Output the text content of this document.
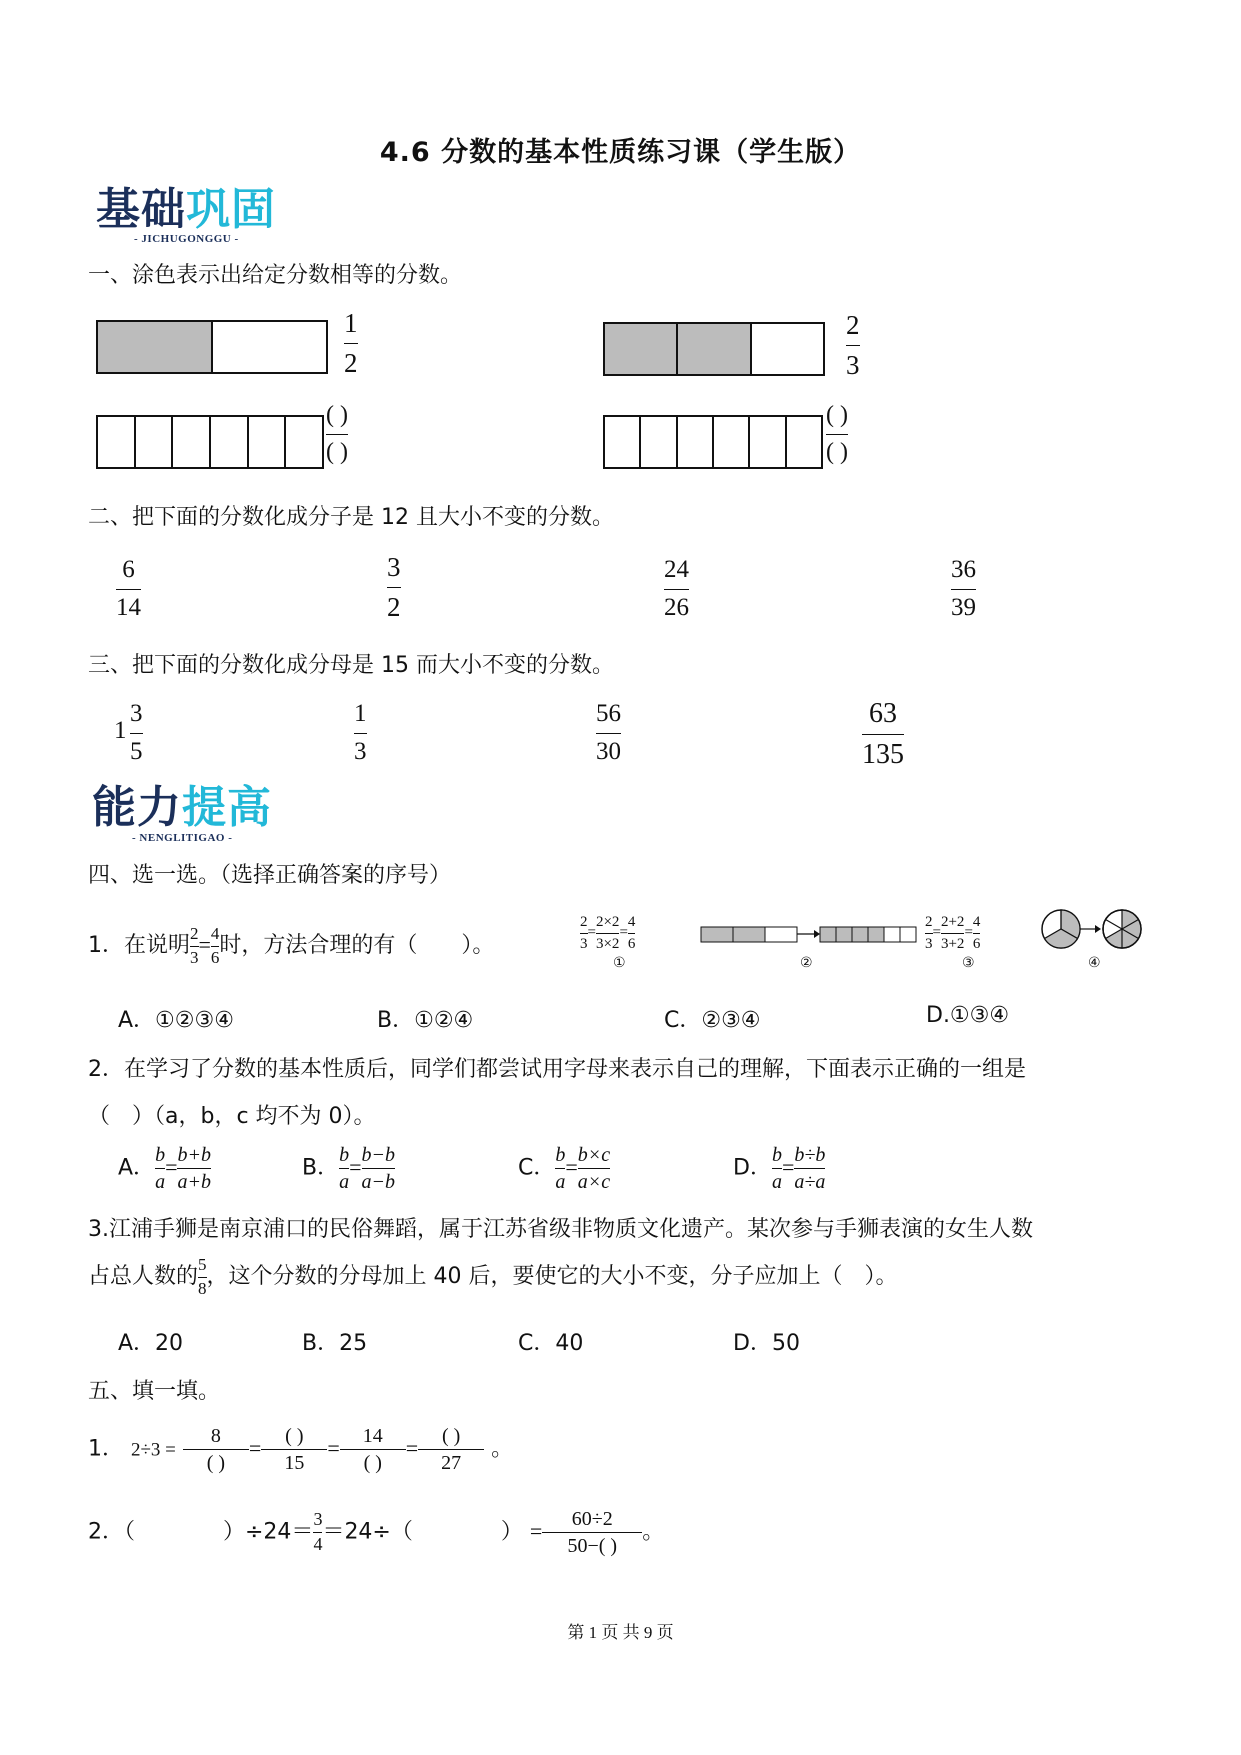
4.6 分数的基本性质练习课（学生版）
基础巩固
- JICHUGONGGU -
一、涂色表示出给定分数相等的分数。
1
2
( )
( )
2
3
( )
( )
二、把下面的分数化成分子是 12 且大小不变的分数。
6
14
3
2
24
26
36
39
三、把下面的分数化成分母是 15 而大小不变的分数。
1
3
5
1
3
56
30
63
135
能力提高
- NENGLITIGAO -
四、选一选。（选择正确答案的序号）
1．在说明 $\frac{2}{3} = \frac{4}{6}$ 时，方法合理的有（　　）。	$\frac{2}{3} = \frac{2\times 2}{3\times 2} = \frac{4}{6}$
①	②
$\frac{2}{3} = \frac{2+2}{3+2} = \frac{4}{6}$
③	④
A．①②③④	B．①②④	C．②③④	D.①③④
2．在学习了分数的基本性质后，同学们都尝试用字母来表示自己的理解，下面表示正确的一组是
（　）（a，b，c 均不为 0）。
A． $\frac{b}{a} = \frac{b+b}{a+b}$	B． $\frac{b}{a} = \frac{b-b}{a-b}$	C． $\frac{b}{a} = \frac{b\times c}{a\times c}$	D． $\frac{b}{a} = \frac{b\div b}{a\div a}$
3.江浦手狮是南京浦口的民俗舞蹈，属于江苏省级非物质文化遗产。某次参与手狮表演的女生人数
占总人数的 $\frac{5}{8}$ ，这个分数的分母加上 40 后，要使它的大小不变，分子应加上（　）。
A．20	B．25	C．40	D．50
五、填一填。
1． $2\div 3 = \frac{8}{( )} = \frac{( )}{15} = \frac{14}{( )} = \frac{( )}{27}$ 。
2．（　　　　）$\div 24= \frac{3}{4} =24\div$（　　　　） = $\frac{60\div 2}{50-( )}$ 。
第 1 页 共 9 页
